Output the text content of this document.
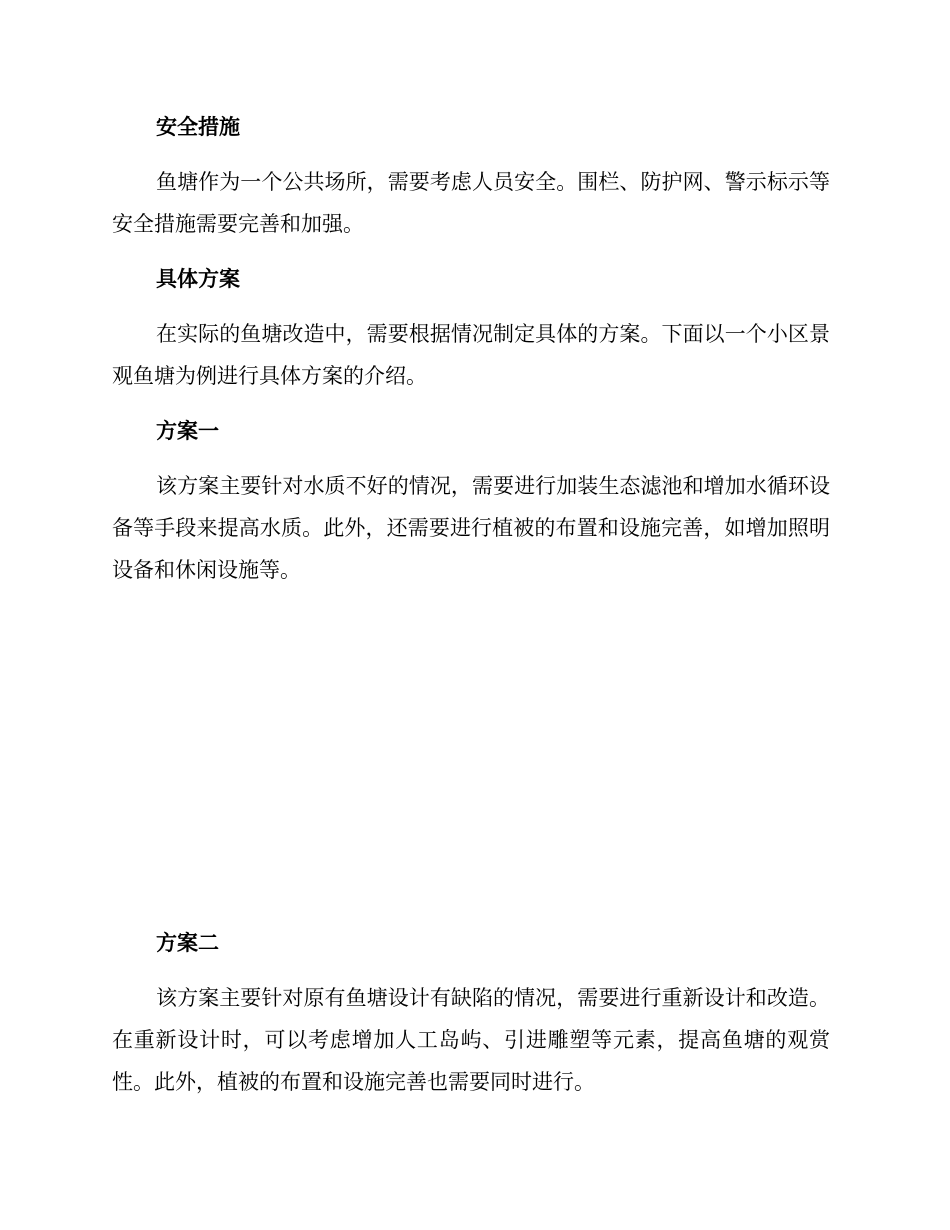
安全措施

鱼塘作为一个公共场所，需要考虑人员安全。围栏、防护网、警示标示等安全措施需要完善和加强。

具体方案

在实际的鱼塘改造中，需要根据情况制定具体的方案。下面以一个小区景观鱼塘为例进行具体方案的介绍。

方案一

该方案主要针对水质不好的情况，需要进行加装生态滤池和增加水循环设备等手段来提高水质。此外，还需要进行植被的布置和设施完善，如增加照明设备和休闲设施等。

方案二

该方案主要针对原有鱼塘设计有缺陷的情况，需要进行重新设计和改造。在重新设计时，可以考虑增加人工岛屿、引进雕塑等元素，提高鱼塘的观赏性。此外，植被的布置和设施完善也需要同时进行。
